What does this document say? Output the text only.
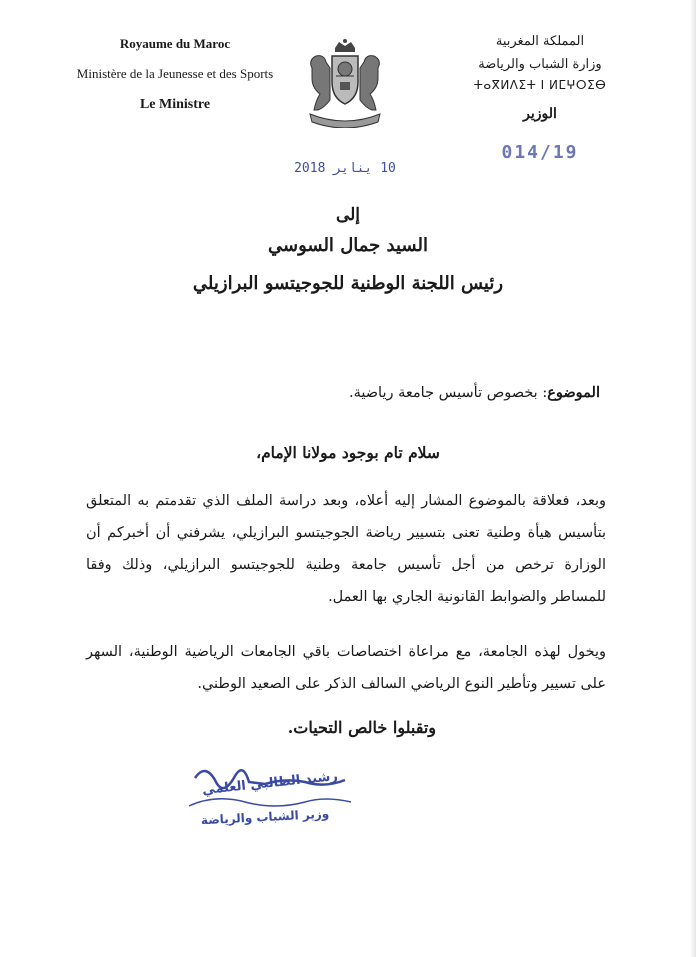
Royaume du Maroc
Ministère de la Jeunesse et des Sports
Le Ministre
المملكة المغربية
وزارة الشباب والرياضة
ⵜⴰⴳⵍⴷⵉⵜ ⵏ ⵍⵎⵖⵔⵉⴱ
الوزير
014/19
10 يناير 2018
إلى
السيد جمال السوسي
رئيس اللجنة الوطنية للجوجيتسو البرازيلي
الموضوع: بخصوص تأسيس جامعة رياضية.
سلام تام بوجود مولانا الإمام،
وبعد، فعلاقة بالموضوع المشار إليه أعلاه، وبعد دراسة الملف الذي تقدمتم به المتعلق بتأسيس هيأة وطنية تعنى بتسيير رياضة الجوجيتسو البرازيلي، يشرفني أن أخبركم أن الوزارة ترخص من أجل تأسيس جامعة وطنية للجوجيتسو البرازيلي، وذلك وفقا للمساطر والضوابط القانونية الجاري بها العمل.
ويخول لهذه الجامعة، مع مراعاة اختصاصات باقي الجامعات الرياضية الوطنية، السهر على تسيير وتأطير النوع الرياضي السالف الذكر على الصعيد الوطني.
وتقبلوا خالص التحيات.
رشيد الطالبي العلمي
وزير الشباب والرياضة
